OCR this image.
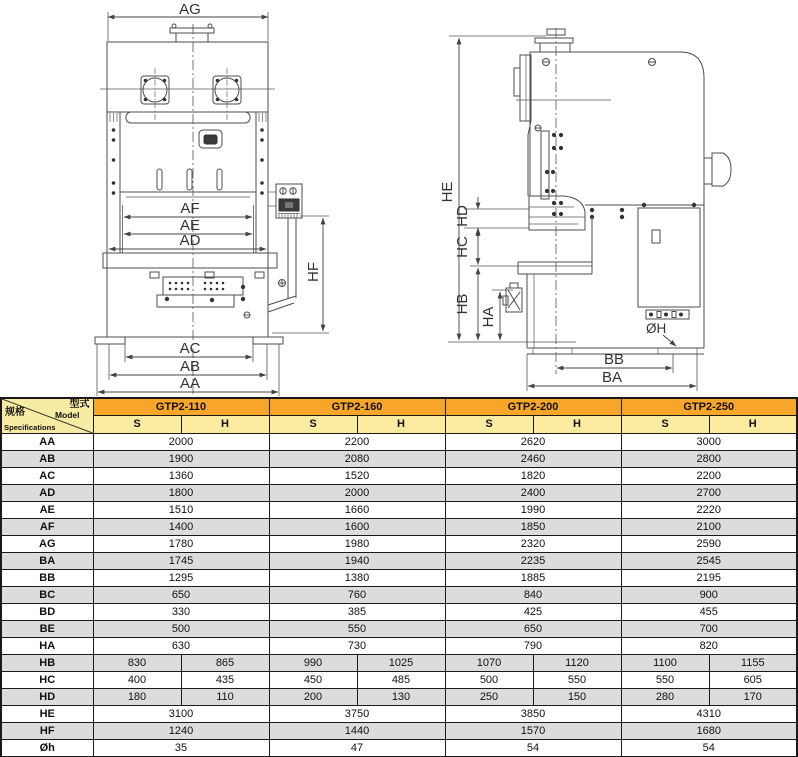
AG
AF
AE
AD
AC
AB
AA
HF
HE
HD
HC
HB
HA
ØH
BB
BA
型式
Model
规格
Specifications	GTP2-110		GTP2-160		GTP2-200		GTP2-250	
	S	H	S	H	S	H	S	H
AA	2000		2200		2620		3000	
AB	1900		2080		2460		2800	
AC	1360		1520		1820		2200	
AD	1800		2000		2400		2700	
AE	1510		1660		1990		2220	
AF	1400		1600		1850		2100	
AG	1780		1980		2320		2590	
BA	1745		1940		2235		2545	
BB	1295		1380		1885		2195	
BC	650		760		840		900	
BD	330		385		425		455	
BE	500		550		650		700	
HA	630		730		790		820	
HB	830	865	990	1025	1070	1120	1100	1155
HC	400	435	450	485	500	550	550	605
HD	180	110	200	130	250	150	280	170
HE	3100		3750		3850		4310	
HF	1240		1440		1570		1680	
Øh	35		47		54		54	
